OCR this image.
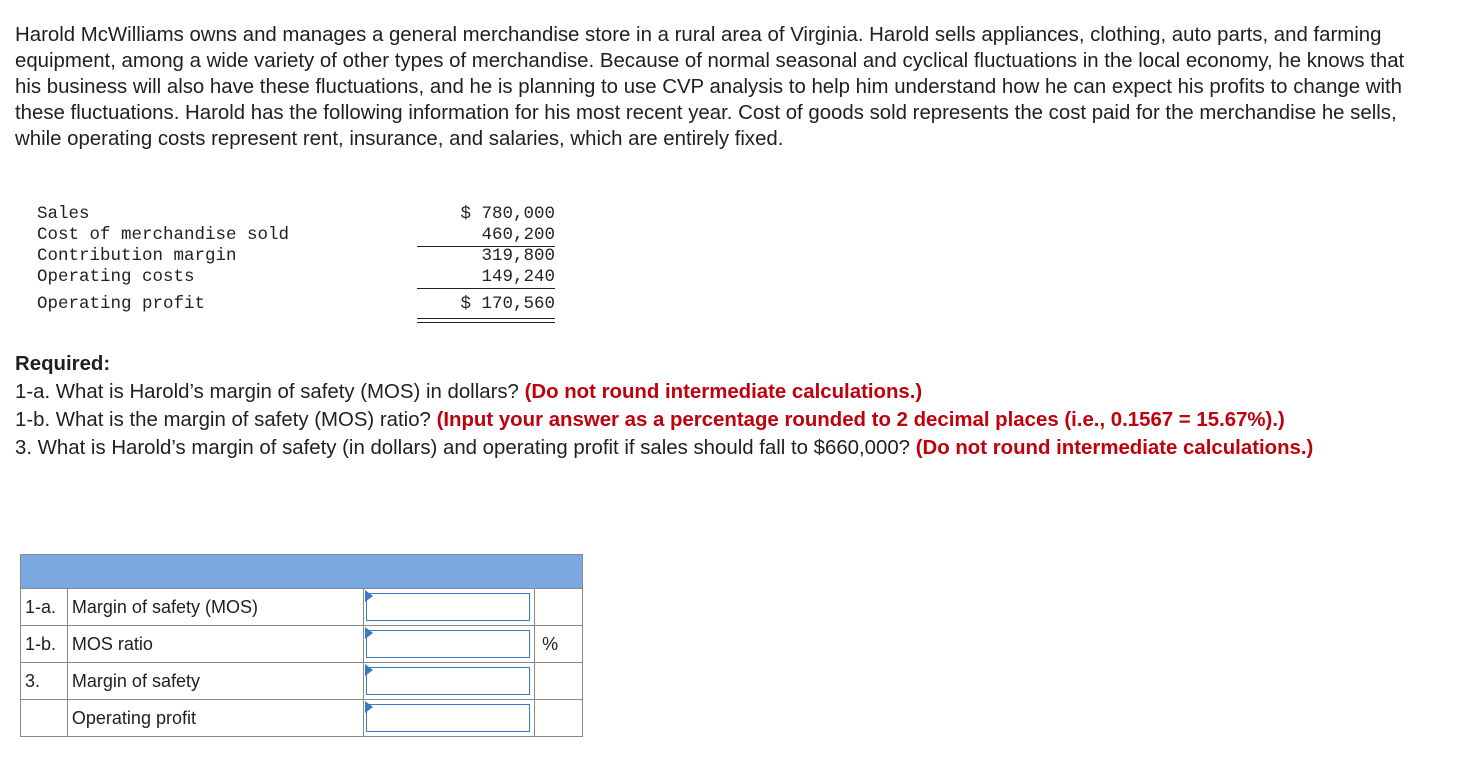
Harold McWilliams owns and manages a general merchandise store in a rural area of Virginia. Harold sells appliances, clothing, auto parts, and farming equipment, among a wide variety of other types of merchandise. Because of normal seasonal and cyclical fluctuations in the local economy, he knows that his business will also have these fluctuations, and he is planning to use CVP analysis to help him understand how he can expect his profits to change with these fluctuations. Harold has the following information for his most recent year. Cost of goods sold represents the cost paid for the merchandise he sells, while operating costs represent rent, insurance, and salaries, which are entirely fixed.

Sales	$ 780,000
Cost of merchandise sold	460,200
Contribution margin	319,800
Operating costs	149,240
Operating profit	$ 170,560
Required:
1-a. What is Harold’s margin of safety (MOS) in dollars? (Do not round intermediate calculations.)
1-b. What is the margin of safety (MOS) ratio? (Input your answer as a percentage rounded to 2 decimal places (i.e., 0.1567 = 15.67%).)
3. What is Harold’s margin of safety (in dollars) and operating profit if sales should fall to $660,000? (Do not round intermediate calculations.)

1-a.	Margin of safety (MOS)	

1-b.	MOS ratio		%
3.	Margin of safety	

	Operating profit	
